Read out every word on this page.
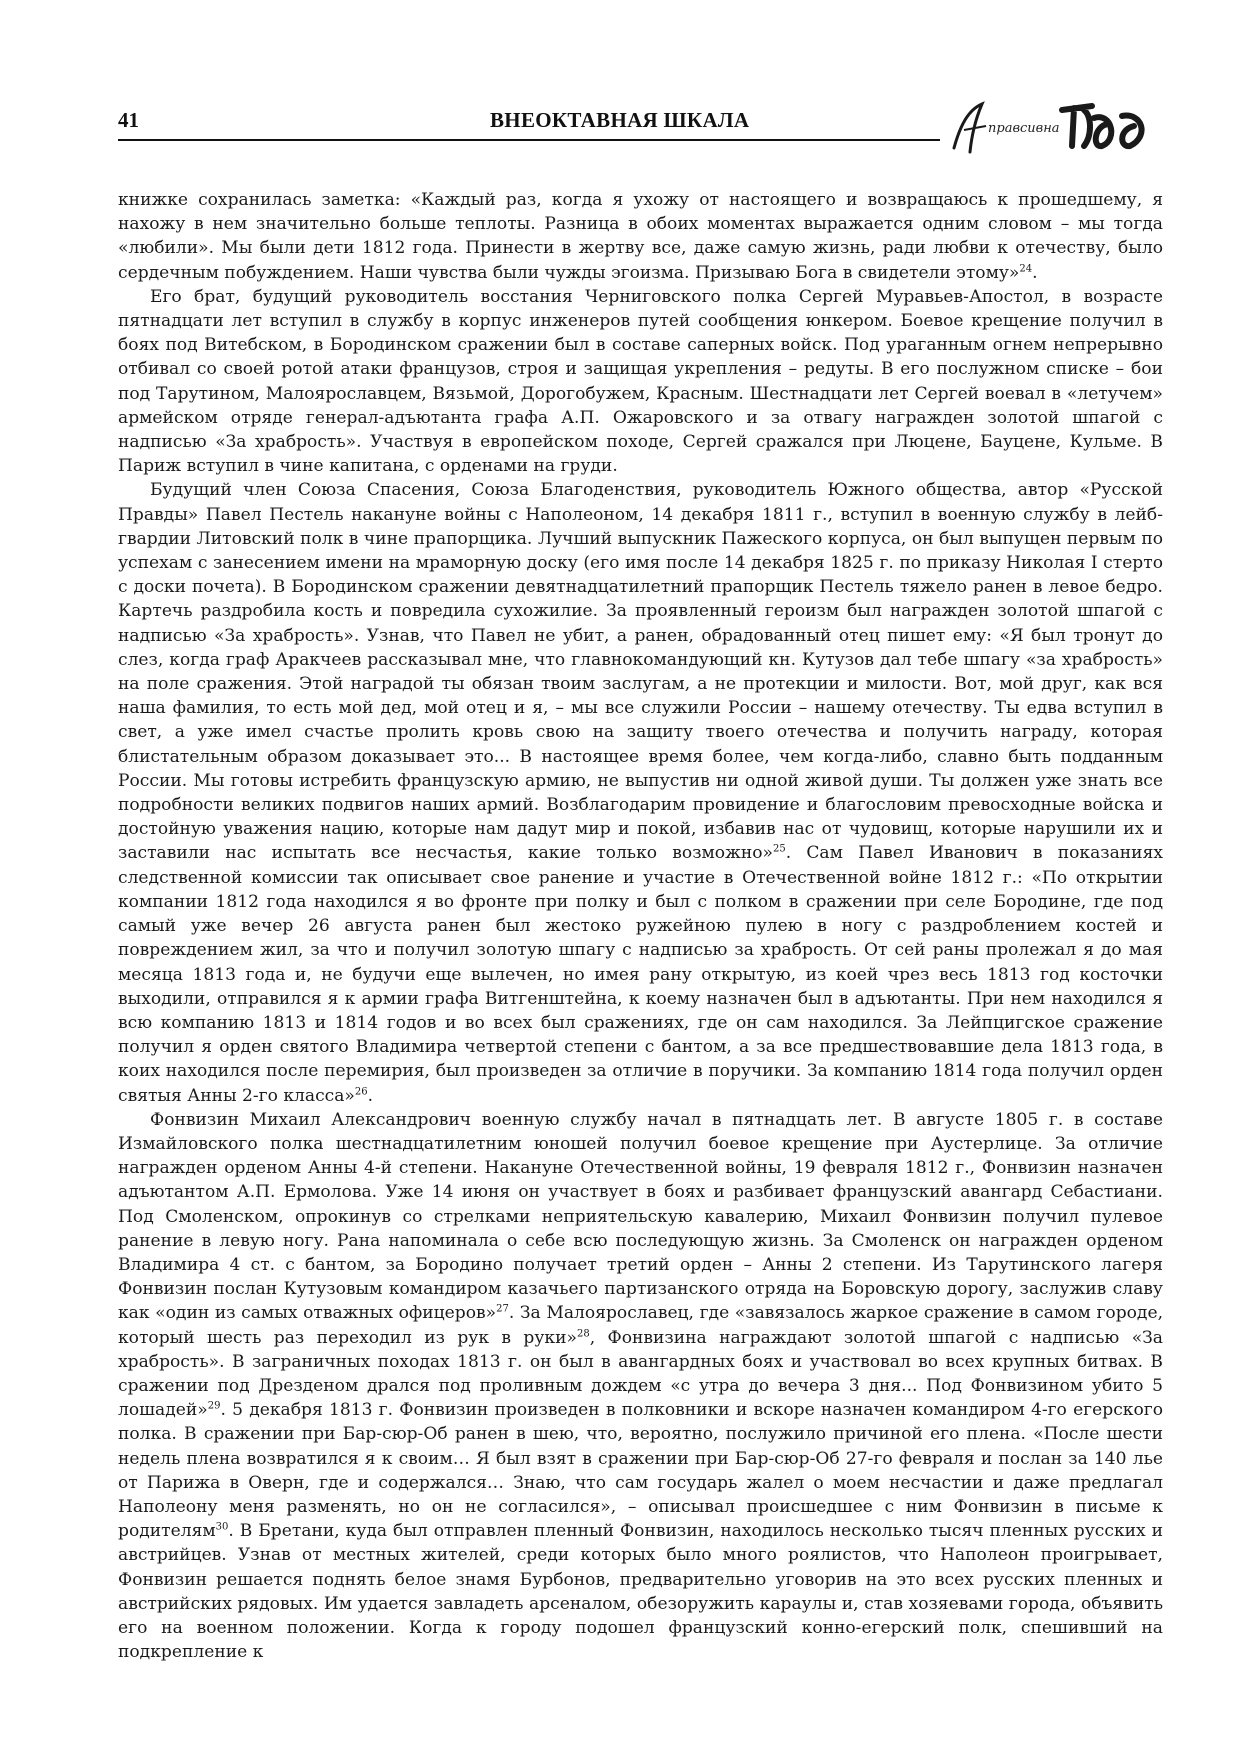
41	ВНЕОКТАВНАЯ ШКАЛА	правсивна

книжке сохранилась заметка: «Каждый раз, когда я ухожу от настоящего и возвращаюсь к прошедшему, я нахожу в нем значительно больше теплоты. Разница в обоих моментах выражается одним словом – мы тогда «любили». Мы были дети 1812 года. Принести в жертву все, даже самую жизнь, ради любви к отечеству, было сердечным побуждением. Наши чувства были чужды эгоизма. Призываю Бога в свидетели этому»$^{24}$.

Его брат, будущий руководитель восстания Черниговского полка Сергей Муравьев-Апостол, в возрасте пятнадцати лет вступил в службу в корпус инженеров путей сообщения юнкером. Боевое крещение получил в боях под Витебском, в Бородинском сражении был в составе саперных войск. Под ураганным огнем непрерывно отбивал со своей ротой атаки французов, строя и защищая укрепления – редуты. В его послужном списке – бои под Тарутином, Малоярославцем, Вязьмой, Дорогобужем, Красным. Шестнадцати лет Сергей воевал в «летучем» армейском отряде генерал-адъютанта графа А.П. Ожаровского и за отвагу награжден золотой шпагой с надписью «За храбрость». Участвуя в европейском походе, Сергей сражался при Люцене, Бауцене, Кульме. В Париж вступил в чине капитана, с орденами на груди.

Будущий член Союза Спасения, Союза Благоденствия, руководитель Южного общества, автор «Русской Правды» Павел Пестель накануне войны с Наполеоном, 14 декабря 1811 г., вступил в военную службу в лейб-гвардии Литовский полк в чине прапорщика. Лучший выпускник Пажеского корпуса, он был выпущен первым по успехам с занесением имени на мраморную доску (его имя после 14 декабря 1825 г. по приказу Николая I стерто с доски почета). В Бородинском сражении девятнадцатилетний прапорщик Пестель тяжело ранен в левое бедро. Картечь раздробила кость и повредила сухожилие. За проявленный героизм был награжден золотой шпагой с надписью «За храбрость». Узнав, что Павел не убит, а ранен, обрадованный отец пишет ему: «Я был тронут до слез, когда граф Аракчеев рассказывал мне, что главнокомандующий кн. Кутузов дал тебе шпагу «за храбрость» на поле сражения. Этой наградой ты обязан твоим заслугам, а не протекции и милости. Вот, мой друг, как вся наша фамилия, то есть мой дед, мой отец и я, – мы все служили России – нашему отечеству. Ты едва вступил в свет, а уже имел счастье пролить кровь свою на защиту твоего отечества и получить награду, которая блистательным образом доказывает это... В настоящее время более, чем когда-либо, славно быть подданным России. Мы готовы истребить французскую армию, не выпустив ни одной живой души. Ты должен уже знать все подробности великих подвигов наших армий. Возблагодарим провидение и благословим превосходные войска и достойную уважения нацию, которые нам дадут мир и покой, избавив нас от чудовищ, которые нарушили их и заставили нас испытать все несчастья, какие только возможно»$^{25}$. Сам Павел Иванович в показаниях следственной комиссии так описывает свое ранение и участие в Отечественной войне 1812 г.: «По открытии компании 1812 года находился я во фронте при полку и был с полком в сражении при селе Бородине, где под самый уже вечер 26 августа ранен был жестоко ружейною пулею в ногу с раздроблением костей и повреждением жил, за что и получил золотую шпагу с надписью за храбрость. От сей раны пролежал я до мая месяца 1813 года и, не будучи еще вылечен, но имея рану открытую, из коей чрез весь 1813 год косточки выходили, отправился я к армии графа Витгенштейна, к коему назначен был в адъютанты. При нем находился я всю компанию 1813 и 1814 годов и во всех был сражениях, где он сам находился. За Лейпцигское сражение получил я орден святого Владимира четвертой степени с бантом, а за все предшествовавшие дела 1813 года, в коих находился после перемирия, был произведен за отличие в поручики. За компанию 1814 года получил орден святыя Анны 2-го класса»$^{26}$.

Фонвизин Михаил Александрович военную службу начал в пятнадцать лет. В августе 1805 г. в составе Измайловского полка шестнадцатилетним юношей получил боевое крещение при Аустерлице. За отличие награжден орденом Анны 4-й степени. Накануне Отечественной войны, 19 февраля 1812 г., Фонвизин назначен адъютантом А.П. Ермолова. Уже 14 июня он участвует в боях и разбивает французский авангард Себастиани. Под Смоленском, опрокинув со стрелками неприятельскую кавалерию, Михаил Фонвизин получил пулевое ранение в левую ногу. Рана напоминала о себе всю последующую жизнь. За Смоленск он награжден орденом Владимира 4 ст. с бантом, за Бородино получает третий орден – Анны 2 степени. Из Тарутинского лагеря Фонвизин послан Кутузовым командиром казачьего партизанского отряда на Боровскую дорогу, заслужив славу как «один из самых отважных офицеров»$^{27}$. За Малоярославец, где «завязалось жаркое сражение в самом городе, который шесть раз переходил из рук в руки»$^{28}$, Фонвизина награждают золотой шпагой с надписью «За храбрость». В заграничных походах 1813 г. он был в авангардных боях и участвовал во всех крупных битвах. В сражении под Дрезденом дрался под проливным дождем «с утра до вечера 3 дня... Под Фонвизином убито 5 лошадей»$^{29}$. 5 декабря 1813 г. Фонвизин произведен в полковники и вскоре назначен командиром 4-го егерского полка. В сражении при Бар-сюр-Об ранен в шею, что, вероятно, послужило причиной его плена. «После шести недель плена возвратился я к своим… Я был взят в сражении при Бар-сюр-Об 27-го февраля и послан за 140 лье от Парижа в Оверн, где и содержался… Знаю, что сам государь жалел о моем несчастии и даже предлагал Наполеону меня разменять, но он не согласился», – описывал происшедшее с ним Фонвизин в письме к родителям$^{30}$. В Бретани, куда был отправлен пленный Фонвизин, находилось несколько тысяч пленных русских и австрийцев. Узнав от местных жителей, среди которых было много роялистов, что Наполеон проигрывает, Фонвизин решается поднять белое знамя Бурбонов, предварительно уговорив на это всех русских пленных и австрийских рядовых. Им удается завладеть арсеналом, обезоружить караулы и, став хозяевами города, объявить его на военном положении. Когда к городу подошел французский конно-егерский полк, спешивший на подкрепление к
